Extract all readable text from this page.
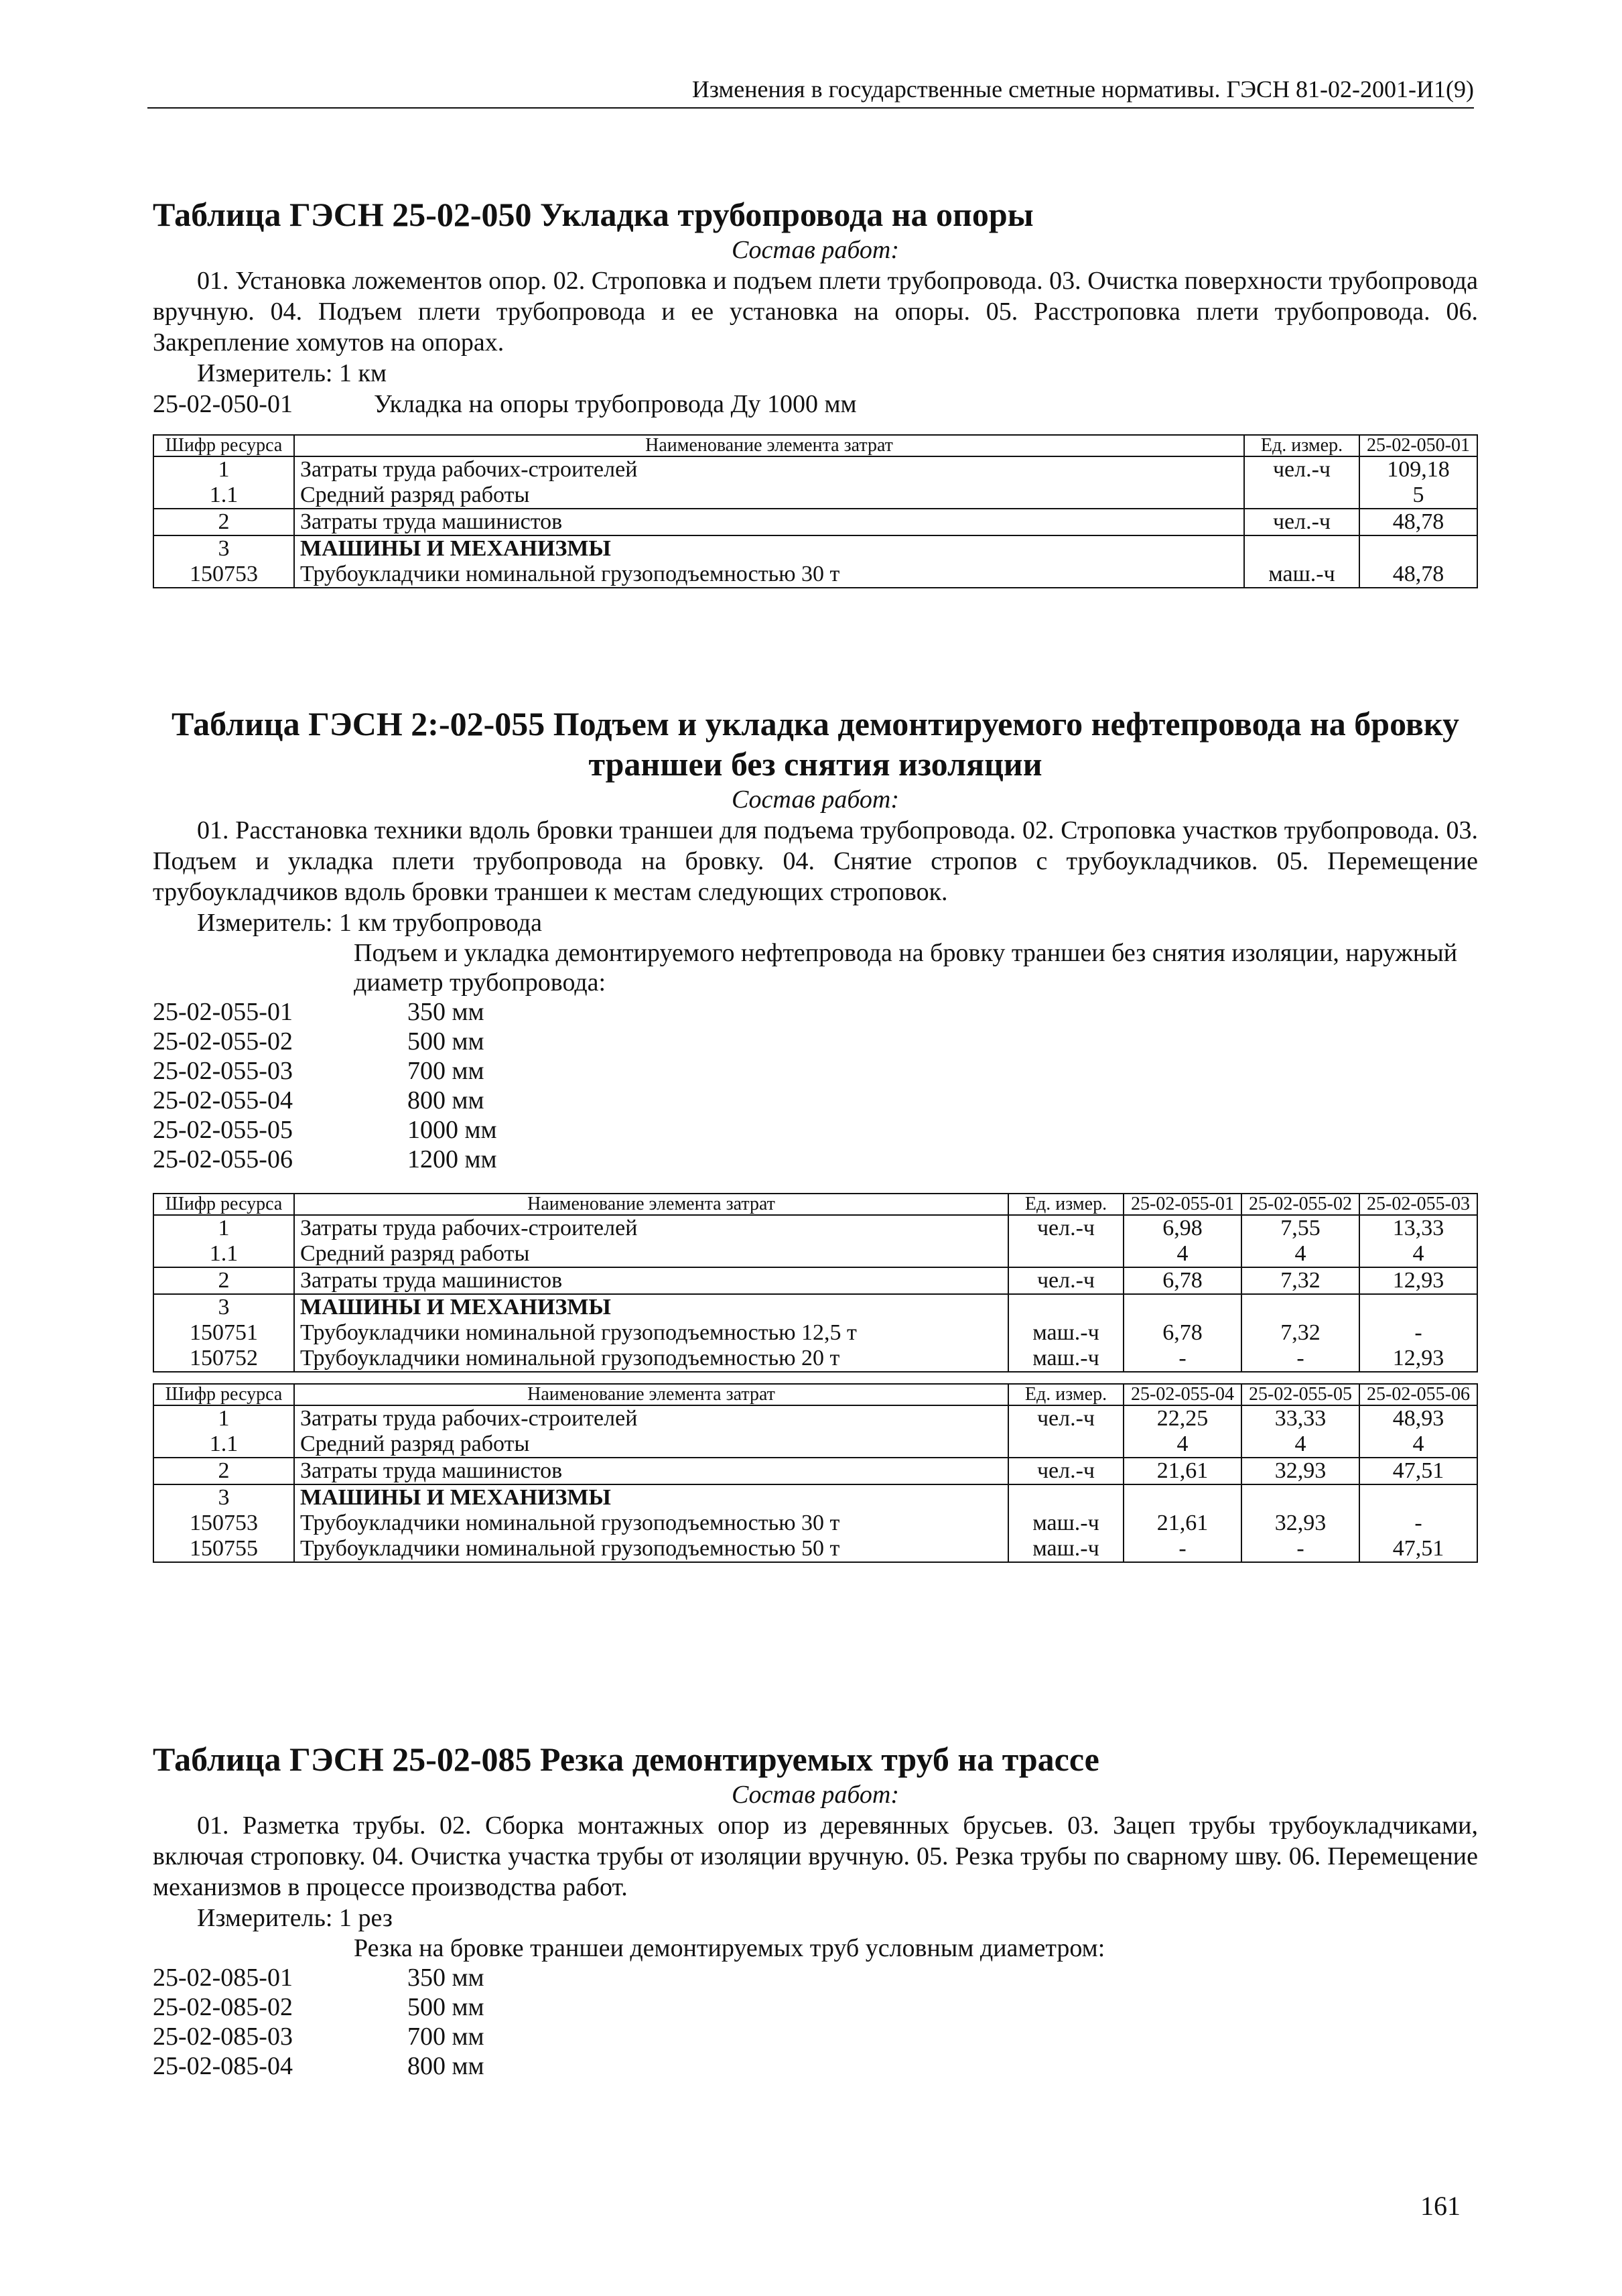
Изменения в государственные сметные нормативы. ГЭСН 81-02-2001-И1(9)

Таблица ГЭСН 25-02-050 Укладка трубопровода на опоры

Состав работ:

01. Установка ложементов опор. 02. Строповка и подъем плети трубопровода. 03. Очистка поверхности трубопровода вручную. 04. Подъем плети трубопровода и ее установка на опоры. 05. Расстроповка плети трубопровода. 06. Закрепление хомутов на опорах.

Измеритель: 1 км
25-02-050-01	Укладка на опоры трубопровода Ду 1000 мм
Шифр ресурса	Наименование элемента затрат	Ед. измер.	25-02-050-01
1	Затраты труда рабочих-строителей	чел.-ч	109,18
1.1	Средний разряд работы		5
2	Затраты труда машинистов	чел.-ч	48,78
3	МАШИНЫ И МЕХАНИЗМЫ		
150753	Трубоукладчики номинальной грузоподъемностью 30 т	маш.-ч	48,78

Таблица ГЭСН 2:-02-055 Подъем и укладка демонтируемого нефтепровода на бровку траншеи без снятия изоляции

Состав работ:

01. Расстановка техники вдоль бровки траншеи для подъема трубопровода. 02. Строповка участков трубопровода. 03. Подъем и укладка плети трубопровода на бровку. 04. Снятие стропов с трубоукладчиков. 05. Перемещение трубоукладчиков вдоль бровки траншеи к местам следующих строповок.

Измеритель: 1 км трубопровода
Подъем и укладка демонтируемого нефтепровода на бровку траншеи без снятия изоляции, наружный диаметр трубопровода:
25-02-055-01	350 мм
25-02-055-02	500 мм
25-02-055-03	700 мм
25-02-055-04	800 мм
25-02-055-05	1000 мм
25-02-055-06	1200 мм
Шифр ресурса	Наименование элемента затрат	Ед. измер.	25-02-055-01	25-02-055-02	25-02-055-03
1	Затраты труда рабочих-строителей	чел.-ч	6,98	7,55	13,33
1.1	Средний разряд работы		4	4	4
2	Затраты труда машинистов	чел.-ч	6,78	7,32	12,93
3	МАШИНЫ И МЕХАНИЗМЫ				
150751	Трубоукладчики номинальной грузоподъемностью 12,5 т	маш.-ч	6,78	7,32	-
150752	Трубоукладчики номинальной грузоподъемностью 20 т	маш.-ч	-	-	12,93
Шифр ресурса	Наименование элемента затрат	Ед. измер.	25-02-055-04	25-02-055-05	25-02-055-06
1	Затраты труда рабочих-строителей	чел.-ч	22,25	33,33	48,93
1.1	Средний разряд работы		4	4	4
2	Затраты труда машинистов	чел.-ч	21,61	32,93	47,51
3	МАШИНЫ И МЕХАНИЗМЫ				
150753	Трубоукладчики номинальной грузоподъемностью 30 т	маш.-ч	21,61	32,93	-
150755	Трубоукладчики номинальной грузоподъемностью 50 т	маш.-ч	-	-	47,51

Таблица ГЭСН 25-02-085 Резка демонтируемых труб на трассе

Состав работ:

01. Разметка трубы. 02. Сборка монтажных опор из деревянных брусьев. 03. Зацеп трубы трубоукладчиками, включая строповку. 04. Очистка участка трубы от изоляции вручную. 05. Резка трубы по сварному шву. 06. Перемещение механизмов в процессе производства работ.

Измеритель: 1 рез
Резка на бровке траншеи демонтируемых труб условным диаметром:
25-02-085-01	350 мм
25-02-085-02	500 мм
25-02-085-03	700 мм
25-02-085-04	800 мм
161
